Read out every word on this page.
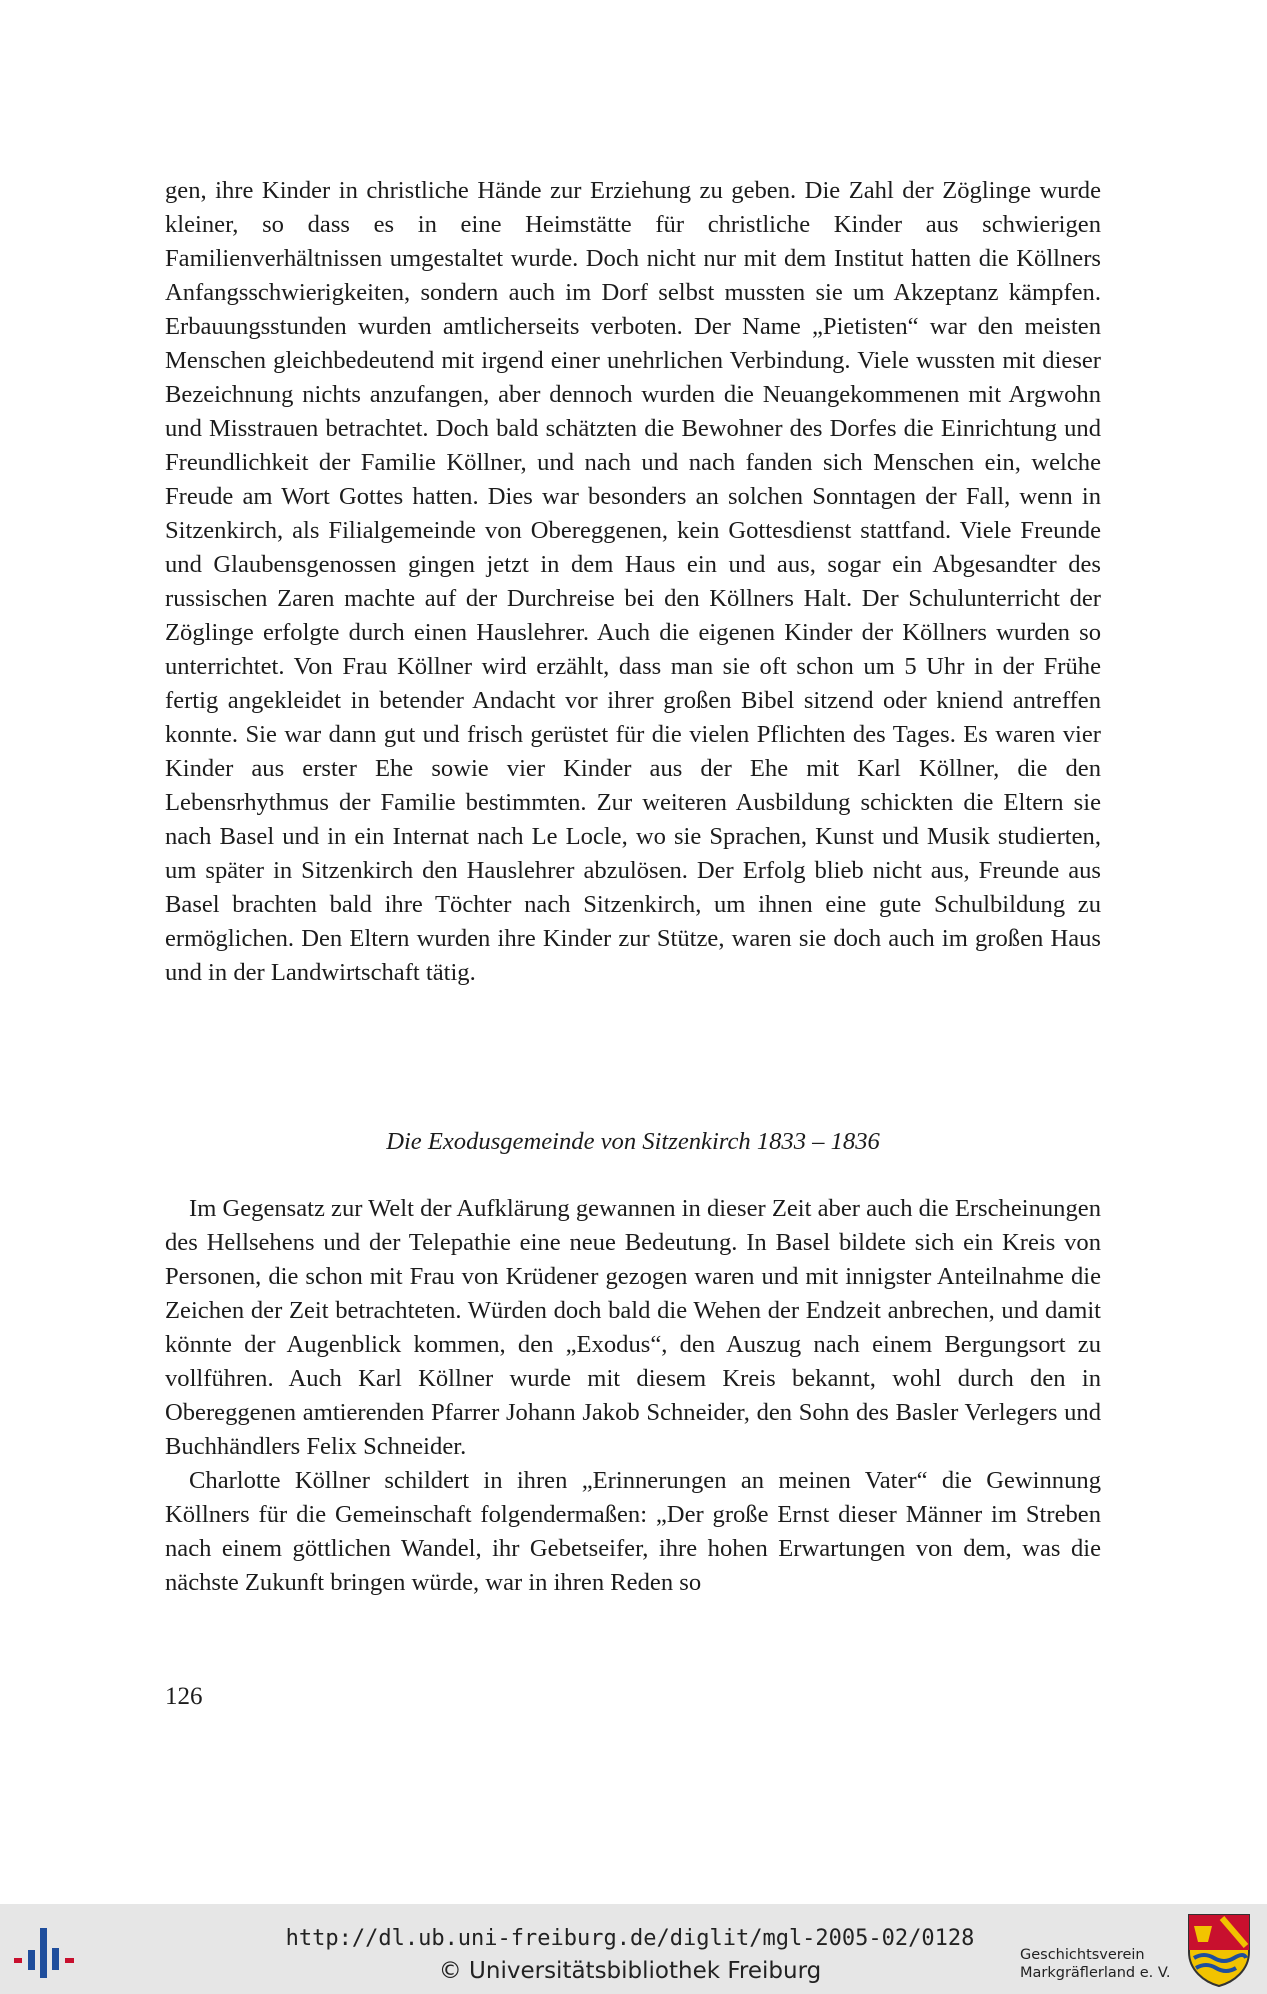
gen, ihre Kinder in christliche Hände zur Erziehung zu geben. Die Zahl der Zöglinge wurde kleiner, so dass es in eine Heimstätte für christliche Kinder aus schwierigen Familienverhältnissen umgestaltet wurde. Doch nicht nur mit dem Institut hatten die Köllners Anfangsschwierigkeiten, sondern auch im Dorf selbst mussten sie um Akzeptanz kämpfen. Erbauungsstunden wurden amtlicherseits verboten. Der Name „Pietisten“ war den meisten Menschen gleichbedeutend mit irgend einer unehrlichen Verbindung. Viele wussten mit dieser Bezeichnung nichts anzufangen, aber dennoch wurden die Neuangekommenen mit Argwohn und Misstrauen betrachtet. Doch bald schätzten die Bewohner des Dorfes die Einrichtung und Freundlichkeit der Familie Köllner, und nach und nach fanden sich Menschen ein, welche Freude am Wort Gottes hatten. Dies war besonders an solchen Sonntagen der Fall, wenn in Sitzenkirch, als Filialgemeinde von Obereggenen, kein Gottesdienst stattfand. Viele Freunde und Glaubensgenossen gingen jetzt in dem Haus ein und aus, sogar ein Abgesandter des russischen Zaren machte auf der Durchreise bei den Köllners Halt. Der Schulunterricht der Zöglinge erfolgte durch einen Hauslehrer. Auch die eigenen Kinder der Köllners wurden so unterrichtet. Von Frau Köllner wird erzählt, dass man sie oft schon um 5 Uhr in der Frühe fertig angekleidet in betender Andacht vor ihrer großen Bibel sitzend oder kniend antreffen konnte. Sie war dann gut und frisch gerüstet für die vielen Pflichten des Tages. Es waren vier Kinder aus erster Ehe sowie vier Kinder aus der Ehe mit Karl Köllner, die den Lebensrhythmus der Familie bestimmten. Zur weiteren Ausbildung schickten die Eltern sie nach Basel und in ein Internat nach Le Locle, wo sie Sprachen, Kunst und Musik studierten, um später in Sitzenkirch den Hauslehrer abzulösen. Der Erfolg blieb nicht aus, Freunde aus Basel brachten bald ihre Töchter nach Sitzenkirch, um ihnen eine gute Schulbildung zu ermöglichen. Den Eltern wurden ihre Kinder zur Stütze, waren sie doch auch im großen Haus und in der Landwirtschaft tätig.

Die Exodusgemeinde von Sitzenkirch 1833 – 1836

Im Gegensatz zur Welt der Aufklärung gewannen in dieser Zeit aber auch die Erscheinungen des Hellsehens und der Telepathie eine neue Bedeutung. In Basel bildete sich ein Kreis von Personen, die schon mit Frau von Krüdener gezogen waren und mit innigster Anteilnahme die Zeichen der Zeit betrachteten. Würden doch bald die Wehen der Endzeit anbrechen, und damit könnte der Augenblick kommen, den „Exodus“, den Auszug nach einem Bergungsort zu vollführen. Auch Karl Köllner wurde mit diesem Kreis bekannt, wohl durch den in Obereggenen amtierenden Pfarrer Johann Jakob Schneider, den Sohn des Basler Verlegers und Buchhändlers Felix Schneider.

Charlotte Köllner schildert in ihren „Erinnerungen an meinen Vater“ die Gewinnung Köllners für die Gemeinschaft folgendermaßen: „Der große Ernst dieser Männer im Streben nach einem göttlichen Wandel, ihr Gebetseifer, ihre hohen Erwartungen von dem, was die nächste Zukunft bringen würde, war in ihren Reden so

126
http://dl.ub.uni-freiburg.de/diglit/mgl-2005-02/0128
© Universitätsbibliothek Freiburg
Geschichtsverein
Markgräflerland e. V.
